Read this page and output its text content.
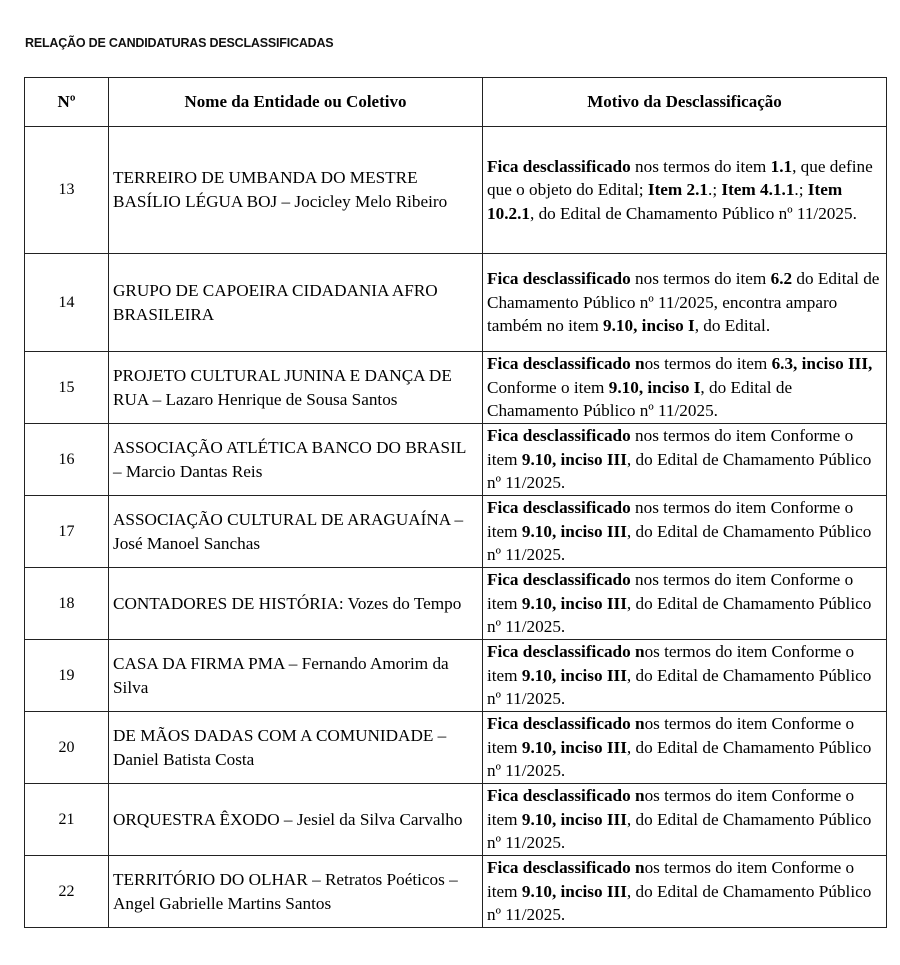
RELAÇÃO DE CANDIDATURAS DESCLASSIFICADAS
Nº	Nome da Entidade ou Coletivo	Motivo da Desclassificação
13	TERREIRO DE UMBANDA DO MESTRE BASÍLIO LÉGUA BOJ – Jocicley Melo Ribeiro	Fica desclassificado nos termos do item 1.1, que define que o objeto do Edital; Item 2.1.; Item 4.1.1.; Item 10.2.1, do Edital de Chamamento Público nº 11/2025.
14	GRUPO DE CAPOEIRA CIDADANIA AFRO BRASILEIRA	Fica desclassificado nos termos do item 6.2 do Edital de Chamamento Público nº 11/2025, encontra amparo também no item 9.10, inciso I, do Edital.
15	PROJETO CULTURAL JUNINA E DANÇA DE RUA – Lazaro Henrique de Sousa Santos	Fica desclassificado nos termos do item 6.3, inciso III, Conforme o item 9.10, inciso I, do Edital de Chamamento Público nº 11/2025.
16	ASSOCIAÇÃO ATLÉTICA BANCO DO BRASIL – Marcio Dantas Reis	Fica desclassificado nos termos do item Conforme o item 9.10, inciso III, do Edital de Chamamento Público nº 11/2025.
17	ASSOCIAÇÃO CULTURAL DE ARAGUAÍNA – José Manoel Sanchas	Fica desclassificado nos termos do item Conforme o item 9.10, inciso III, do Edital de Chamamento Público nº 11/2025.
18	CONTADORES DE HISTÓRIA: Vozes do Tempo	Fica desclassificado nos termos do item Conforme o item 9.10, inciso III, do Edital de Chamamento Público nº 11/2025.
19	CASA DA FIRMA PMA – Fernando Amorim da Silva	Fica desclassificado nos termos do item Conforme o item 9.10, inciso III, do Edital de Chamamento Público nº 11/2025.
20	DE MÃOS DADAS COM A COMUNIDADE – Daniel Batista Costa	Fica desclassificado nos termos do item Conforme o item 9.10, inciso III, do Edital de Chamamento Público nº 11/2025.
21	ORQUESTRA ÊXODO – Jesiel da Silva Carvalho	Fica desclassificado nos termos do item Conforme o item 9.10, inciso III, do Edital de Chamamento Público nº 11/2025.
22	TERRITÓRIO DO OLHAR – Retratos Poéticos – Angel Gabrielle Martins Santos	Fica desclassificado nos termos do item Conforme o item 9.10, inciso III, do Edital de Chamamento Público nº 11/2025.
